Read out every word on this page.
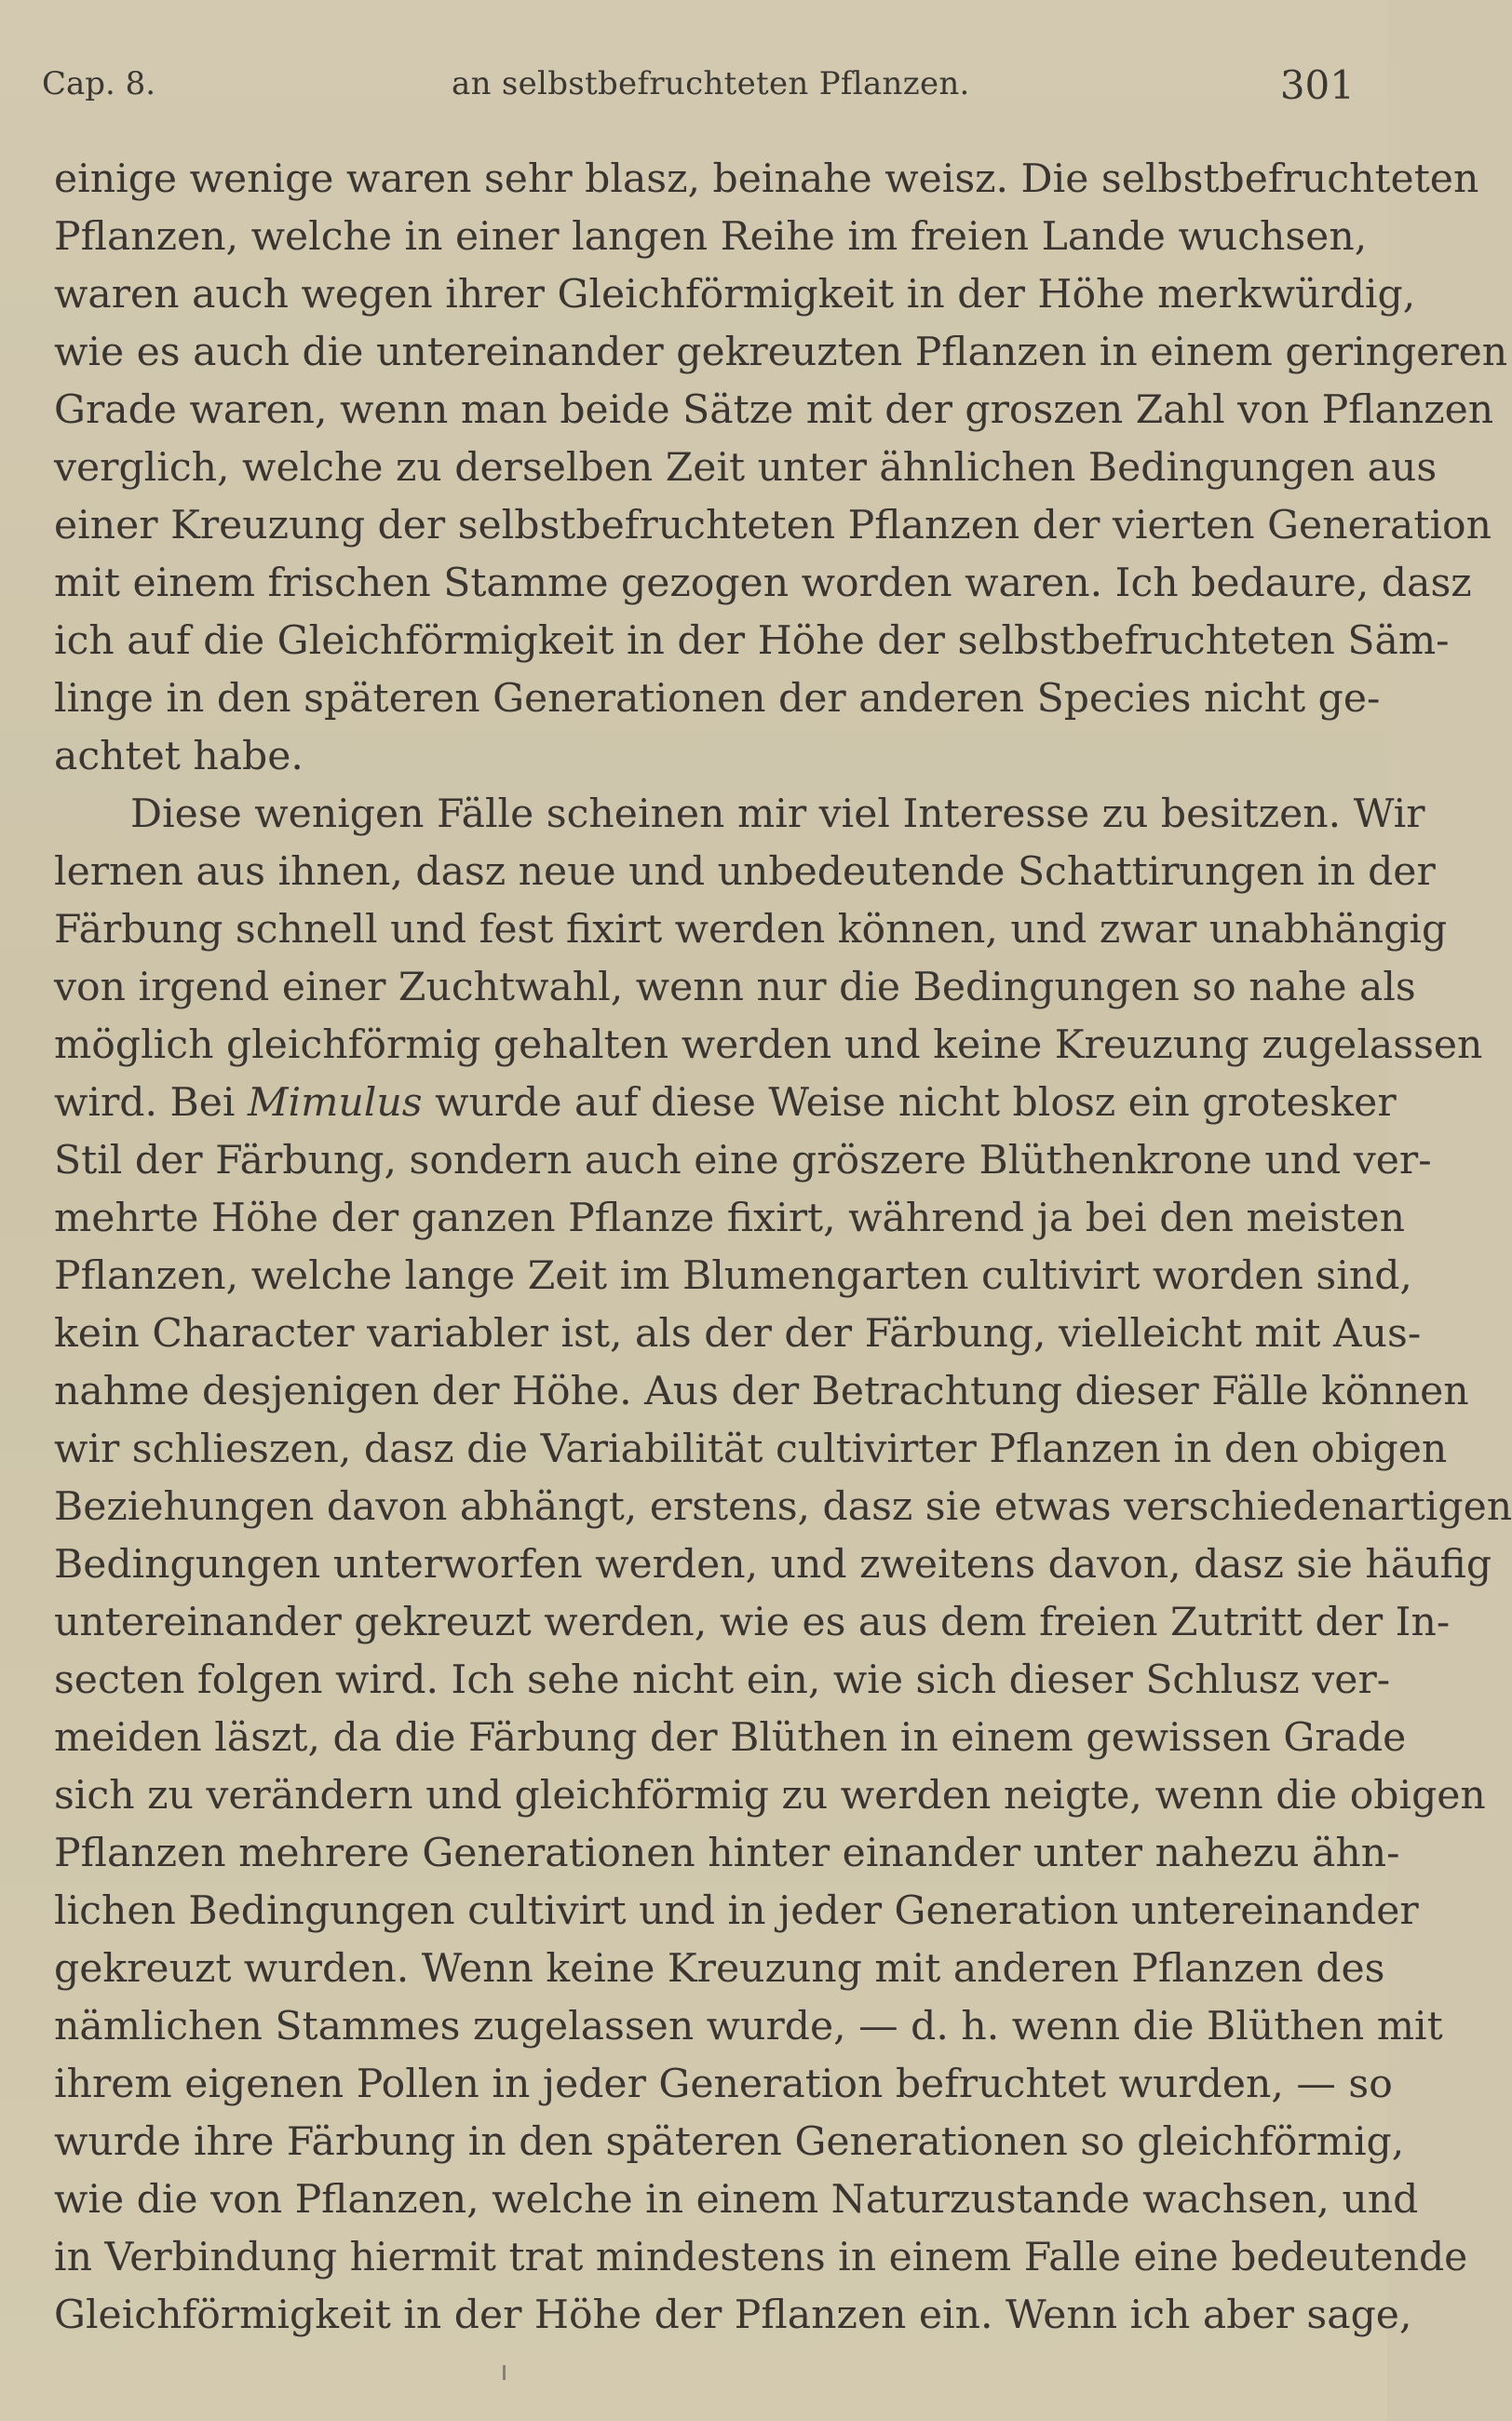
Cap. 8.	an selbstbefruchteten Pflanzen.	301
einige wenige waren sehr blasz, beinahe weisz. Die selbstbefruchteten
Pflanzen, welche in einer langen Reihe im freien Lande wuchsen,
waren auch wegen ihrer Gleichförmigkeit in der Höhe merkwürdig,
wie es auch die untereinander gekreuzten Pflanzen in einem geringeren
Grade waren, wenn man beide Sätze mit der groszen Zahl von Pflanzen
verglich, welche zu derselben Zeit unter ähnlichen Bedingungen aus
einer Kreuzung der selbstbefruchteten Pflanzen der vierten Generation
mit einem frischen Stamme gezogen worden waren. Ich bedaure, dasz
ich auf die Gleichförmigkeit in der Höhe der selbstbefruchteten Säm-
linge in den späteren Generationen der anderen Species nicht ge-
achtet habe.
Diese wenigen Fälle scheinen mir viel Interesse zu besitzen. Wir
lernen aus ihnen, dasz neue und unbedeutende Schattirungen in der
Färbung schnell und fest fixirt werden können, und zwar unabhängig
von irgend einer Zuchtwahl, wenn nur die Bedingungen so nahe als
möglich gleichförmig gehalten werden und keine Kreuzung zugelassen
wird. Bei Mimulus wurde auf diese Weise nicht blosz ein grotesker
Stil der Färbung, sondern auch eine gröszere Blüthenkrone und ver-
mehrte Höhe der ganzen Pflanze fixirt, während ja bei den meisten
Pflanzen, welche lange Zeit im Blumengarten cultivirt worden sind,
kein Character variabler ist, als der der Färbung, vielleicht mit Aus-
nahme desjenigen der Höhe. Aus der Betrachtung dieser Fälle können
wir schlieszen, dasz die Variabilität cultivirter Pflanzen in den obigen
Beziehungen davon abhängt, erstens, dasz sie etwas verschiedenartigen
Bedingungen unterworfen werden, und zweitens davon, dasz sie häufig
untereinander gekreuzt werden, wie es aus dem freien Zutritt der In-
secten folgen wird. Ich sehe nicht ein, wie sich dieser Schlusz ver-
meiden läszt, da die Färbung der Blüthen in einem gewissen Grade
sich zu verändern und gleichförmig zu werden neigte, wenn die obigen
Pflanzen mehrere Generationen hinter einander unter nahezu ähn-
lichen Bedingungen cultivirt und in jeder Generation untereinander
gekreuzt wurden. Wenn keine Kreuzung mit anderen Pflanzen des
nämlichen Stammes zugelassen wurde, — d. h. wenn die Blüthen mit
ihrem eigenen Pollen in jeder Generation befruchtet wurden, — so
wurde ihre Färbung in den späteren Generationen so gleichförmig,
wie die von Pflanzen, welche in einem Naturzustande wachsen, und
in Verbindung hiermit trat mindestens in einem Falle eine bedeutende
Gleichförmigkeit in der Höhe der Pflanzen ein. Wenn ich aber sage,
